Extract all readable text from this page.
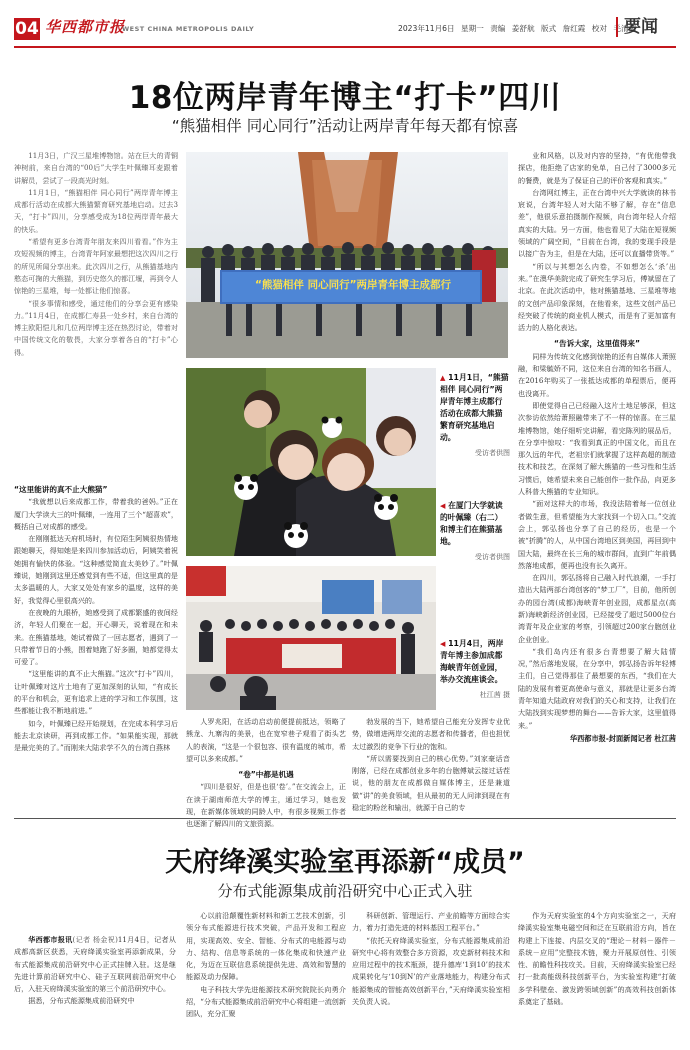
04 华西都市报
WEST CHINA METROPOLIS DAILY	2023年11月6日 星期一 责编 姜舒航 版式 詹红霞 校对 毛清源
要闻
18位两岸青年博主“打卡”四川
“熊猫相伴 同心同行”活动让两岸青年每天都有惊喜

11月3日，广汉三星堆博物馆。站在巨大的青铜神树前，来自台湾的“00后”大学生叶佩臻耳麦跟着讲解员，尝试了一段高光时刻。

11月1日，“熊猫相伴 同心同行”两岸青年博主成都行活动在成都大熊猫繁育研究基地启动。过去3天，“打卡”四川，分享感受成为18位两岸青年最大的快乐。

“希望有更多台湾青年朋友来四川看看。”作为主攻短视频的博主，台湾青年阿家最想把这次四川之行的所见所闻分享出来。此次四川之行，从熊猫基地内憨态可掬的大熊猫，到历史悠久的都江堰，再到令人惊艳的三星堆，每一处都让他们惊喜。

“很多事情和感受，通过他们的分享会更有感染力。”11月4日，在成都仁寿县一处乡村，来自台湾的博主欧阳恺儿和几位两岸博主还在热烈讨论，带着对中国传统文化的敬畏，大家分享着各自的“打卡”心得。

“这里能讲的真不止大熊猫”

“我就想以后来成都工作，带着我的爸妈。”正在厦门大学读大三的叶佩臻，一连用了三个“超喜欢”，概括自己对成都的感受。

在刚刚抵达天府机场时，有位陌生阿姨很热情地跟她聊天，得知她是来四川参加活动后，阿姨笑着祝她拥有愉快的体验。“这种感觉简直太美妙了。”叶佩臻说，她刚到这里还感觉到有些不适，但这里真的是太多温暖的人，大家又处处有家乡的温度，这样的美好，我觉得心里很高兴的。

在夜晚的九眼桥，她感受到了成都繁盛的夜间经济，年轻人们聚在一起，开心聊天，说着现在和未来。在熊猫基地，她试着做了一回志愿者，遇到了一只带着节日的小熊，围着她跑了好多圈，她都觉得太可爱了。

“这里能讲的真不止大熊猫。”这次“打卡”四川，让叶佩臻对这片土地有了更加深刻的认知，“有成长的平台和机会，更有追求上进的学习和工作氛围，这些都能让我不断地前进。”

如今，叶佩臻已经开始规划，在完成本科学习后能去北京读研，再到成都工作。“如果能实现，那就是最完美的了。”而刚来大陆求学不久的台湾白燕林

“熊猫相伴 同心同行”两岸青年博主成都行
▲ 11月1日，“熊猫相伴 同心同行”两岸青年博主成都行活动在成都大熊猫繁育研究基地启动。
受访者供图
◀ 在厦门大学就读的叶佩臻（右二）和博主们在熊猫基地。
受访者供图
◀ 11月4日，两岸青年博主参加成都海峡青年创业园，举办交流座谈会。
杜江茜 摄

人罗兆阳，在活动启动前便提前抵达，领略了熊龙、九寨沟的美景，也在宽窄巷子观看了街头艺人的表演，“这是一个很包容、很有温度的城市，希望可以多来成都。”

“卷”中都是机遇

“四川是很好，但是也很‘卷’。”在交流会上，正在读于湖南师范大学的博主，通过学习，她也发现，在新媒体领域的同龄人中，有很多视频工作者也逐渐了解四川的文旅资源。

勃发展的当下，她希望自己能充分发挥专业优势，做增进两岸交流的志愿者和传播者，但也担忧太过激烈的竞争下行业的饱和。

“所以需要找到自己的核心优势。”刘家豪话音刚落，已经在成都创业多年的台胞傅斌云接过话茬说，他的朋友在成都做自媒体博主，还是兼道做“讲”的美食领域，但从最初的无人问津到现在有稳定的粉丝和输出，就源于自己的专

业和风格，以及对内容的坚持，“有优他带我探店，他拒绝了店家的免单，自己付了3000多元的餐费，就是为了保证自己的评价客观和真实。”

台湾网红博主，正在台湾中兴大学就读的林书宸说，台湾年轻人对大陆不够了解，存在“信息差”，他很乐意拍摄制作视频，向台湾年轻人介绍真实的大陆。另一方面，他也看见了大陆在短视频领域的广阔空间，“目前在台湾，我的变现手段是以接广告为主，但是在大陆，还可以直播带货等。”

“所以与其想怎么内卷，不如想怎么‘杀’出来。”在澳华美院完成了研究生学习后，傅斌留在了北京。在此次活动中，他对熊猫基地、三星堆等地的文创产品印象深刻，在他看来，这些文创产品已经突破了传统的商业机人模式，而是有了更加富有活力的人格化表达。

“告诉大家，这里值得来”

同样为传统文化感到惊艳的还有自媒体人萧照融，和梁毓娇不同，这位来自台湾的知名书画人，在2016年购买了一张抵达成都的单程票后，便再也没离开。

即使觉得自己已经融入这片土地足够深，但这次参访依然给萧照融带来了不一样的惊喜。在三星堆博物馆，她仔细听完讲解，看完陈列的展品后，在分享中惊叹：“我看到真正的中国文化，而且在那久远的年代，老祖宗们就掌握了这样高超的制造技术和技艺，在深刻了解大熊猫的一些习性和生活习惯后，她希望未来自己能创作一批作品，向更多人科普大熊猫的专业知识。

“面对这样大的市场，我没法陪着每一位创业者做生意，但希望能为大家找到一个切入口。”交流会上，郭弘扬也分享了自己的经历，也是一个被“折腾”的人，从中国台湾地区到美国，再回到中国大陆，最终在长三角的城市群间，直到广年前偶然落地成都，便再也没有长久离开。

在四川，郭弘扬将自己融入时代浪潮，一手打造出大陆两部台湾创客的“梦工厂”，目前，他所创办的园台湾(成都)海峡青年创业园，成都星点(高新)海峡新经济创业园，已经接受了超过5000位台湾青年及企业家的考察，引领超过200家台胞创业企业创业。

“我们岛内还有很多台青想要了解大陆情况，”然后落地发展，在分享中，郭弘扬告诉年轻博主们，自己觉得那住了最想要的东西，“我们在大陆的发展有着更高使命与意义，那就是让更多台湾青年知道大陆政府对我们的关心和支持，让我们在大陆找到实现梦想的舞台——告诉大家，这里值得来。”

华西都市报-封面新闻记者 杜江茜
天府绛溪实验室再添新“成员”
分布式能源集成前沿研究中心正式入驻

华西都市报讯(记者 杨金祝)11月4日，记者从成都高新区获悉，天府绛溪实验室再添新成果，分布式能源集成前沿研究中心正式挂牌入驻。这是继先进计算前沿研究中心、硅子互联网前沿研究中心后，入驻天府绛溪实验室的第三个前沿研究中心。

据悉，分布式能源集成前沿研究中

心以前沿颠覆性新材料和新工艺技术创新，引领分布式能源进行技术突破，产品开发和工程应用，实现高效、安全、智能、分布式的电能源与动力、结构、信息等系统的一体化集成和快速产业化，为迈在互联信息系统提供先进、高效和智慧的能源及动力保障。

电子科技大学先进能源技术研究院院长向勇介绍，“分布式能源集成前沿研究中心将组建一流创新团队，充分汇聚

科研创新、管理运行、产业前瞻等方面综合实力，着力打造先进的材料基因工程平台。”

“依托天府绛溪实验室，分布式能源集成前沿研究中心将有效整合多方资源，攻克新材料技术和应用过程中的技术瓶颈，提升德库‘1到10’的技术成果转化与‘10到N’的产业落地能力，构建分布式能源集成的智能高效创新平台，”天府绛溪实验室相关负责人说。

作为天府实验室的4个方向实验室之一，天府绛溪实验室集电磁空间和泛在互联前沿方向，旨在构建上下连接、内层交叉的“理论－材料－器件－系统－应用”完整技术链，聚力开展原创性、引领性、前瞻性科技攻关。目前，天府绛溪实验室已经打一批高能级科技创新平台，为实验室构建“打破多学科壁垒、激发跨领域创新”的高效科技创新体系奠定了基础。
